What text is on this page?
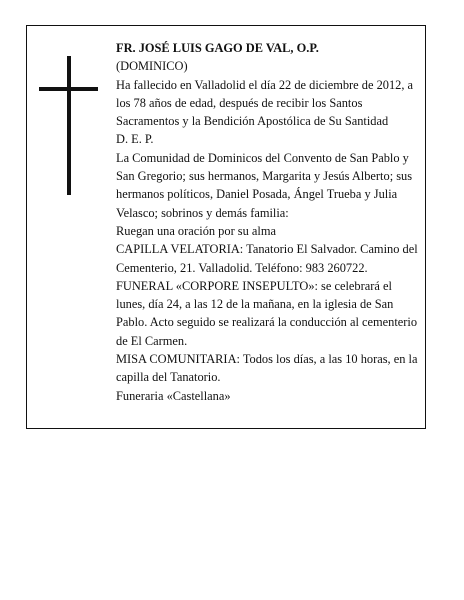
FR. JOSÉ LUIS GAGO DE VAL, O.P.

(DOMINICO)

Ha fallecido en Valladolid el día 22 de diciembre de 2012, a los 78 años de edad, después de recibir los Santos Sacramentos y la Bendición Apostólica de Su Santidad

D. E. P.

La Comunidad de Dominicos del Convento de San Pablo y San Gregorio; sus hermanos, Margarita y Jesús Alberto; sus hermanos políticos, Daniel Posada, Ángel Trueba y Julia Velasco; sobrinos y demás familia:

Ruegan una oración por su alma

CAPILLA VELATORIA: Tanatorio El Salvador. Camino del Cementerio, 21. Valladolid. Teléfono: 983 260722.

FUNERAL «CORPORE INSEPULTO»: se celebrará el lunes, día 24, a las 12 de la mañana, en la iglesia de San Pablo. Acto seguido se realizará la conducción al cementerio de El Carmen.

MISA COMUNITARIA: Todos los días, a las 10 horas, en la capilla del Tanatorio.

Funeraria «Castellana»
